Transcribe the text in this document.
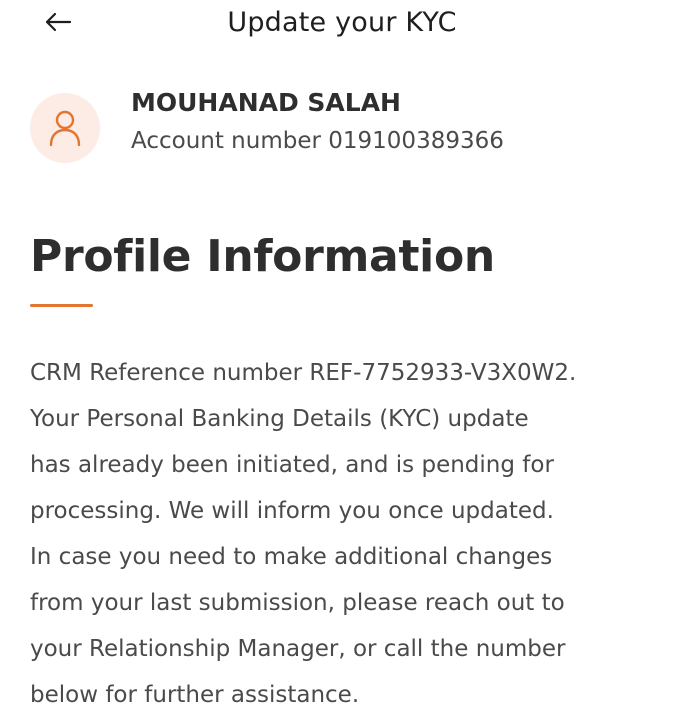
Update your KYC
MOUHANAD SALAH
Account number 019100389366
Profile Information
CRM Reference number REF-7752933-V3X0W2.
Your Personal Banking Details (KYC) update
has already been initiated, and is pending for
processing. We will inform you once updated.
In case you need to make additional changes
from your last submission, please reach out to
your Relationship Manager, or call the number
below for further assistance.
